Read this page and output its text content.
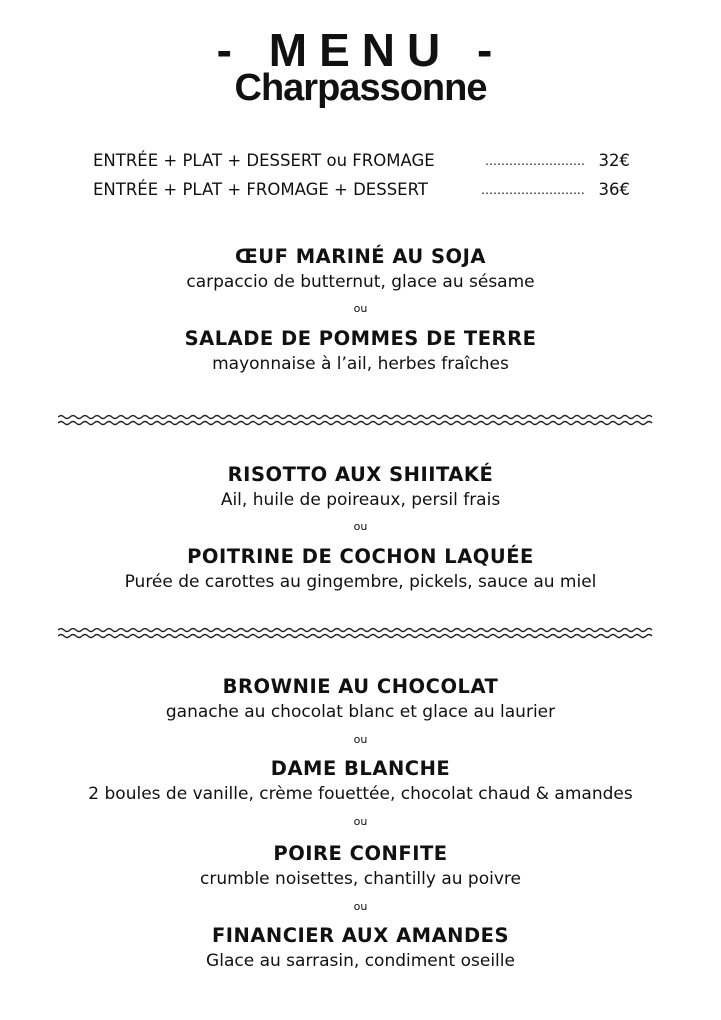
- MENU -
Charpassonne
ENTRÉE + PLAT + DESSERT ou FROMAGE	……………………. 32€
ENTRÉE + PLAT + FROMAGE + DESSERT	…………………….. 36€
ŒUF MARINÉ AU SOJA
carpaccio de butternut, glace au sésame
ou
SALADE DE POMMES DE TERRE
mayonnaise à l’ail, herbes fraîches
RISOTTO AUX SHIITAKÉ
Ail, huile de poireaux, persil frais
ou
POITRINE DE COCHON LAQUÉE
Purée de carottes au gingembre, pickels, sauce au miel
BROWNIE AU CHOCOLAT
ganache au chocolat blanc et glace au laurier
ou
DAME BLANCHE
2 boules de vanille, crème fouettée, chocolat chaud & amandes
ou
POIRE CONFITE
crumble noisettes, chantilly au poivre
ou
FINANCIER AUX AMANDES
Glace au sarrasin, condiment oseille
